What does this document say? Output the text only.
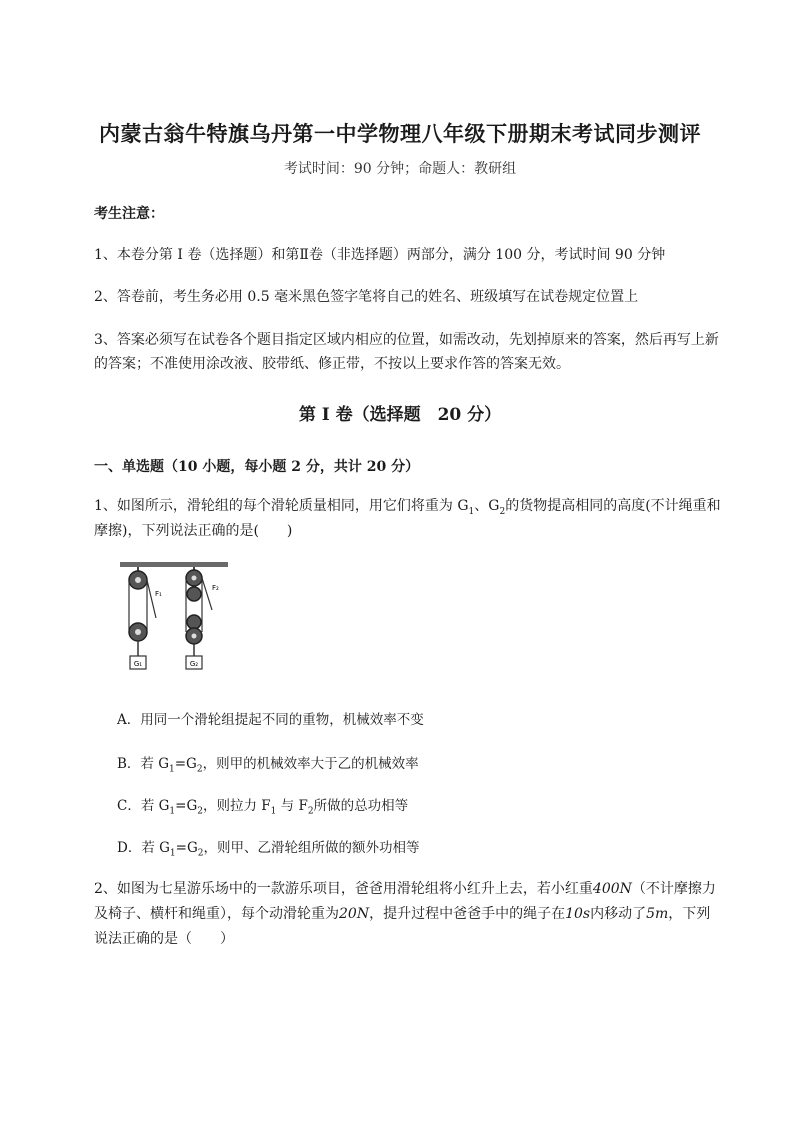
内蒙古翁牛特旗乌丹第一中学物理八年级下册期末考试同步测评
考试时间：90 分钟；命题人：教研组
考生注意：
1、本卷分第 I 卷（选择题）和第Ⅱ卷（非选择题）两部分，满分 100 分，考试时间 90 分钟
2、答卷前，考生务必用 0.5 毫米黑色签字笔将自己的姓名、班级填写在试卷规定位置上
3、答案必须写在试卷各个题目指定区域内相应的位置，如需改动，先划掉原来的答案，然后再写上新
的答案；不准使用涂改液、胶带纸、修正带，不按以上要求作答的答案无效。
第 I 卷（选择题　20 分）
一、单选题（10 小题，每小题 2 分，共计 20 分）
1、如图所示，滑轮组的每个滑轮质量相同，用它们将重为 $G_1$、$G_2$的货物提高相同的高度(不计绳重和
摩擦)，下列说法正确的是(　　)
G₁
F₁
G₂
F₂
A．用同一个滑轮组提起不同的重物，机械效率不变
B．若 $G_1=G_2$，则甲的机械效率大于乙的机械效率
C．若 $G_1=G_2$，则拉力 $F_1$ 与 $F_2$所做的总功相等
D．若 $G_1=G_2$，则甲、乙滑轮组所做的额外功相等
2、如图为七星游乐场中的一款游乐项目，爸爸用滑轮组将小红升上去，若小红重400N（不计摩擦力
及椅子、横杆和绳重），每个动滑轮重为20N，提升过程中爸爸手中的绳子在10s内移动了5m，下列
说法正确的是（　　）
